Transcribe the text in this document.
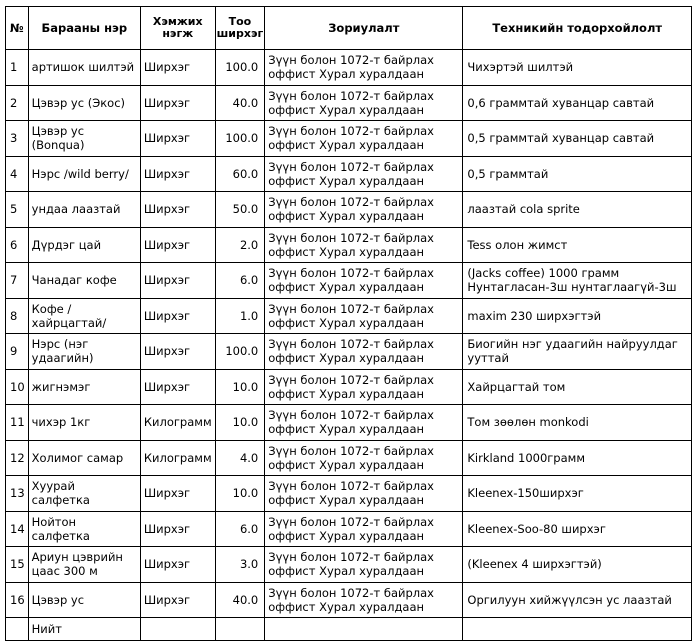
№	Барааны нэр	Хэмжих нэгж	Тоо ширхэг	Зориулалт	Техникийн тодорхойлолт
1	артишок шилтэй	Ширхэг	100.0	Зүүн болон 1072-т байрлах оффист Хурал хуралдаан	Чихэртэй шилтэй
2	Цэвэр ус (Экос)	Ширхэг	40.0	Зүүн болон 1072-т байрлах оффист Хурал хуралдаан	0,6 граммтай хуванцар савтай
3	Цэвэр ус (Bonqua)	Ширхэг	100.0	Зүүн болон 1072-т байрлах оффист Хурал хуралдаан	0,5 граммтай хуванцар савтай
4	Нэрс /wild berry/	Ширхэг	60.0	Зүүн болон 1072-т байрлах оффист Хурал хуралдаан	0,5 граммтай
5	ундаа лаазтай	Ширхэг	50.0	Зүүн болон 1072-т байрлах оффист Хурал хуралдаан	лаазтай cola sprite
6	Дүрдэг цай	Ширхэг	2.0	Зүүн болон 1072-т байрлах оффист Хурал хуралдаан	Tess олон жимст
7	Чанадаг кофе	Ширхэг	6.0	Зүүн болон 1072-т байрлах оффист Хурал хуралдаан	(Jacks coffee) 1000 грамм Нунтагласан-3ш нунтаглаагүй-3ш
8	Кофе /хайрцагтай/	Ширхэг	1.0	Зүүн болон 1072-т байрлах оффист Хурал хуралдаан	maxim 230 ширхэгтэй
9	Нэрс (нэг удаагийн)	Ширхэг	100.0	Зүүн болон 1072-т байрлах оффист Хурал хуралдаан	Биогийн нэг удаагийн найруулдаг уутт​ай
10	жигнэмэг	Ширхэг	10.0	Зүүн болон 1072-т байрлах оффист Хурал хуралдаан	Хайрцагтай том
11	чихэр 1кг	Килограмм	10.0	Зүүн болон 1072-т байрлах оффист Хурал хуралдаан	Том зөөлөн monkodi
12	Холимог самар	Килограмм	4.0	Зүүн болон 1072-т байрлах оффист Хурал хуралдаан	Kirkland 1000грамм
13	Хуурай салфетка	Ширхэг	10.0	Зүүн болон 1072-т байрлах оффист Хурал хуралдаан	Kleenex-150ширхэг
14	Нойтон салфетка	Ширхэг	6.0	Зүүн болон 1072-т байрлах оффист Хурал хуралдаан	Kleenex-Soo-80 ширхэг
15	Ариун цэврийн цаас 300 м	Ширхэг	3.0	Зүүн болон 1072-т байрлах оффист Хурал хуралдаан	(Kleenex 4 ширхэгтэй)
16	Цэвэр ус	Ширхэг	40.0	Зүүн болон 1072-т байрлах оффист Хурал хуралдаан	Оргилуун хийжүүлсэн ус лаазтай
	Нийт				
